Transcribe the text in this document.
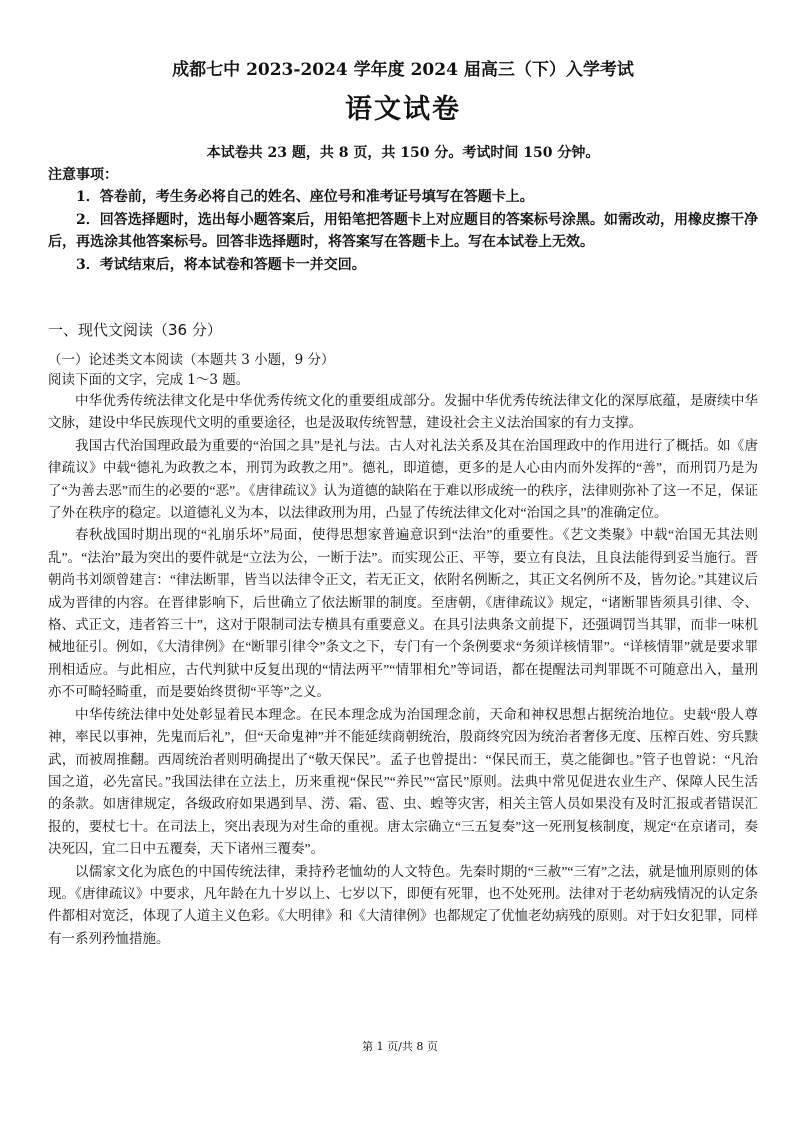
成都七中 2023-2024 学年度 2024 届高三（下）入学考试
语文试卷

本试卷共 23 题，共 8 页，共 150 分。考试时间 150 分钟。

注意事项：

1．答卷前，考生务必将自己的姓名、座位号和准考证号填写在答题卡上。

2．回答选择题时，选出每小题答案后，用铅笔把答题卡上对应题目的答案标号涂黑。如需改动，用橡皮擦干净后，再选涂其他答案标号。回答非选择题时，将答案写在答题卡上。写在本试卷上无效。

3．考试结束后，将本试卷和答题卡一并交回。

一、现代文阅读（36 分）

（一）论述类文本阅读（本题共 3 小题，9 分）

阅读下面的文字，完成 1～3 题。

中华优秀传统法律文化是中华优秀传统文化的重要组成部分。发掘中华优秀传统法律文化的深厚底蕴，是赓续中华文脉，建设中华民族现代文明的重要途径，也是汲取传统智慧，建设社会主义法治国家的有力支撑。

我国古代治国理政最为重要的“治国之具”是礼与法。古人对礼法关系及其在治国理政中的作用进行了概括。如《唐律疏议》中载“德礼为政教之本，刑罚为政教之用”。德礼，即道德，更多的是人心由内而外发挥的“善”，而刑罚乃是为了“为善去恶”而生的必要的“恶”。《唐律疏议》认为道德的缺陷在于难以形成统一的秩序，法律则弥补了这一不足，保证了外在秩序的稳定。以道德礼义为本，以法律政刑为用，凸显了传统法律文化对“治国之具”的准确定位。

春秋战国时期出现的“礼崩乐坏”局面，使得思想家普遍意识到“法治”的重要性。《艺文类聚》中载“治国无其法则乱”。“法治”最为突出的要件就是“立法为公，一断于法”。而实现公正、平等，要立有良法，且良法能得到妥当施行。晋朝尚书刘颂曾建言：“律法断罪，皆当以法律令正文，若无正文，依附名例断之，其正文名例所不及，皆勿论。”其建议后成为晋律的内容。在晋律影响下，后世确立了依法断罪的制度。至唐朝，《唐律疏议》规定，“诸断罪皆须具引律、令、格、式正文，违者笞三十”，这对于限制司法专横具有重要意义。在具引法典条文前提下，还强调罚当其罪，而非一味机械地征引。例如，《大清律例》在“断罪引律令”条文之下，专门有一个条例要求“务须详核情罪”。“详核情罪”就是要求罪刑相适应。与此相应，古代判狱中反复出现的“情法两平”“情罪相允”等词语，都在提醒法司判罪既不可随意出入，量刑亦不可畸轻畸重，而是要始终贯彻“平等”之义。

中华传统法律中处处彰显着民本理念。在民本理念成为治国理念前，天命和神权思想占据统治地位。史载“殷人尊神，率民以事神，先鬼而后礼”，但“天命鬼神”并不能延续商朝统治，殷商终究因为统治者奢侈无度、压榨百姓、穷兵黩武，而被周推翻。西周统治者则明确提出了“敬天保民”。孟子也曾提出：“保民而王，莫之能御也。”管子也曾说：“凡治国之道，必先富民。”我国法律在立法上，历来重视“保民”“养民”“富民”原则。法典中常见促进农业生产、保障人民生活的条款。如唐律规定，各级政府如果遇到旱、涝、霜、雹、虫、蝗等灾害，相关主管人员如果没有及时汇报或者错误汇报的，要杖七十。在司法上，突出表现为对生命的重视。唐太宗确立“三五复奏”这一死刑复核制度，规定“在京诸司，奏决死囚，宜二日中五覆奏，天下诸州三覆奏”。

以儒家文化为底色的中国传统法律，秉持矜老恤幼的人文特色。先秦时期的“三赦”“三宥”之法，就是恤刑原则的体现。《唐律疏议》中要求，凡年龄在九十岁以上、七岁以下，即便有死罪，也不处死刑。法律对于老幼病残情况的认定条件都相对宽泛，体现了人道主义色彩。《大明律》和《大清律例》也都规定了优恤老幼病残的原则。对于妇女犯罪，同样有一系列矜恤措施。

第 1 页/共 8 页
